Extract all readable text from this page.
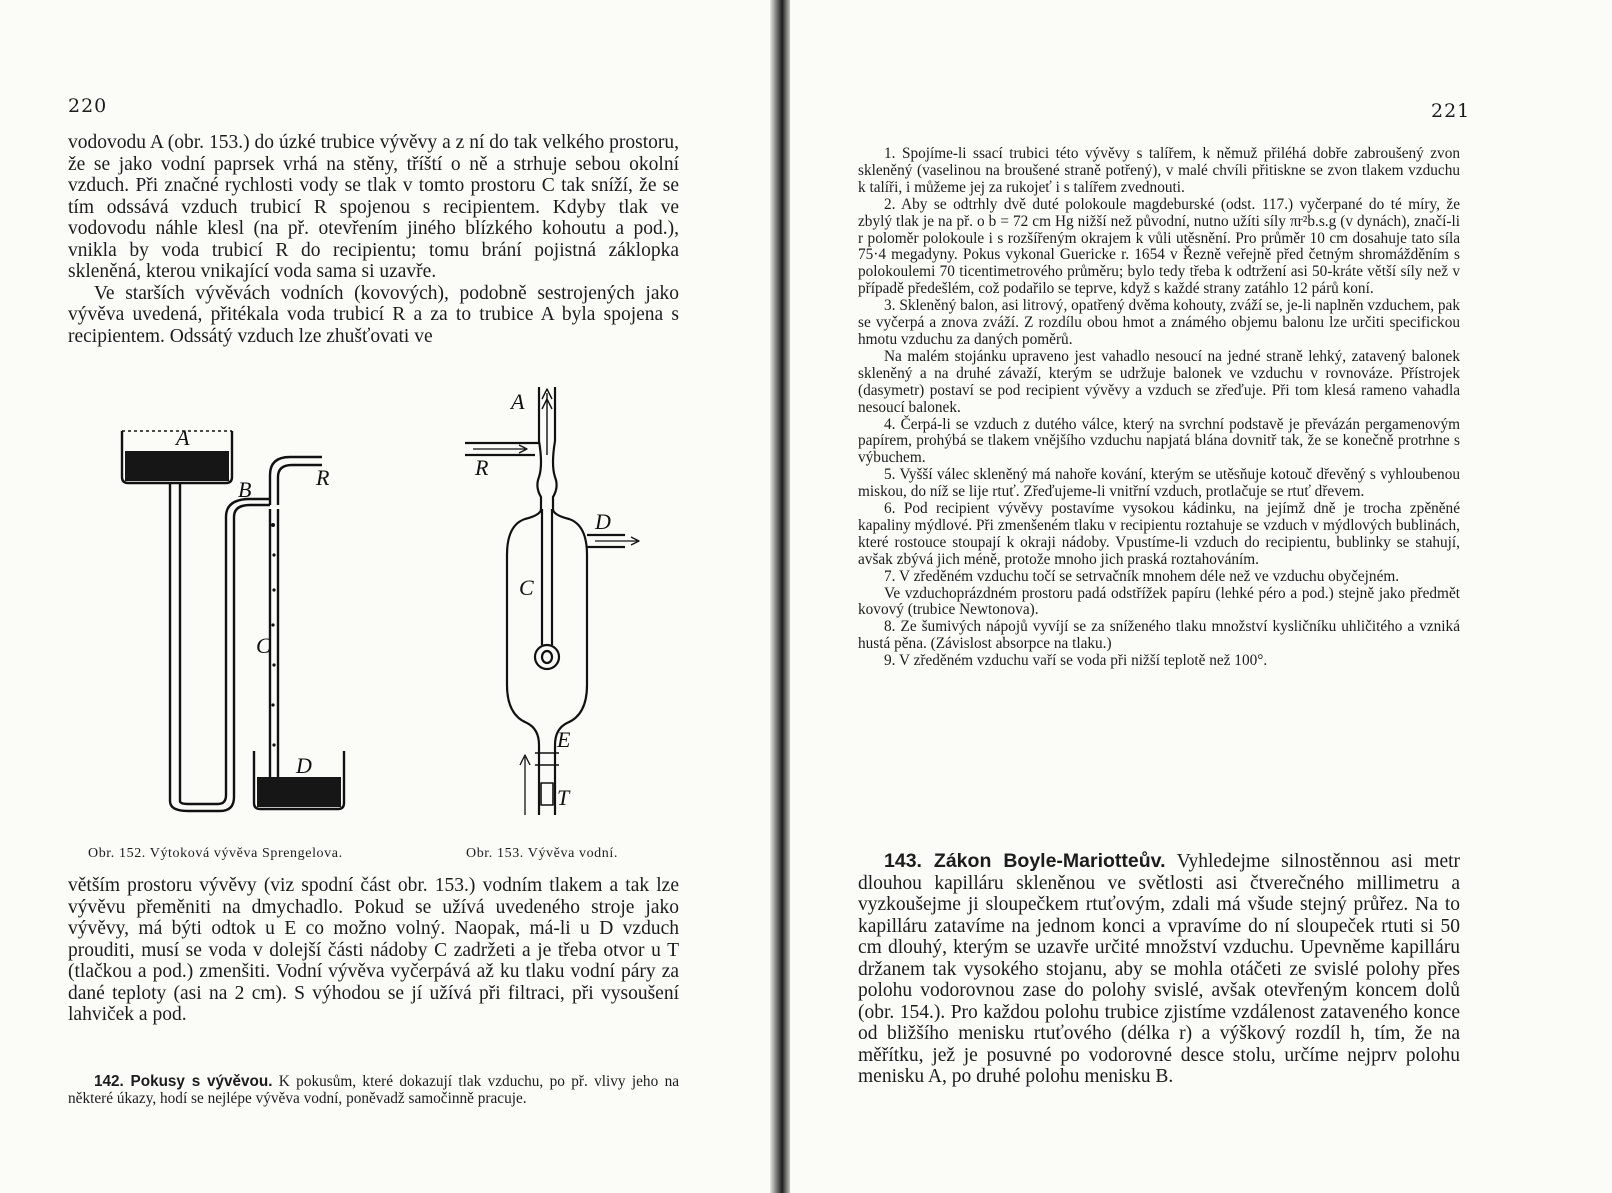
220

vodovodu A (obr. 153.) do úzké trubice vývěvy a z ní do tak velkého prostoru, že se jako vodní paprsek vrhá na stěny, tříští o ně a strhuje sebou okolní vzduch. Při značné rychlosti vody se tlak v tomto prostoru C tak sníží, že se tím odssává vzduch trubicí R spojenou s recipientem. Kdyby tlak ve vodovodu náhle klesl (na př. otevřením jiného blízkého kohoutu a pod.), vnikla by voda trubicí R do recipientu; tomu brání pojistná záklopka skleněná, kterou vnikající voda sama si uzavře.

Ve starších vývěvách vodních (kovových), podobně sestrojených jako vývěva uvedená, přitékala voda trubicí R a za to trubice A byla spojena s recipientem. Odssátý vzduch lze zhušťovati ve

A
B	R
C
D
A
R
D
C
E
T
Obr. 152. Výtoková vývěva Sprengelova.	Obr. 153. Vývěva vodní.

větším prostoru vývěvy (viz spodní část obr. 153.) vodním tlakem a tak lze vývěvu přeměniti na dmychadlo. Pokud se užívá uvedeného stroje jako vývěvy, má býti odtok u E co možno volný. Naopak, má-li u D vzduch prouditi, musí se voda v dolejší části nádoby C zadržeti a je třeba otvor u T (tlačkou a pod.) zmenšiti. Vodní vývěva vyčerpává až ku tlaku vodní páry za dané teploty (asi na 2 cm). S výhodou se jí užívá při filtraci, při vysoušení lahviček a pod.

142. Pokusy s vývěvou. K pokusům, které dokazují tlak vzduchu, po př. vlivy jeho na některé úkazy, hodí se nejlépe vývěva vodní, poněvadž samočinně pracuje.

221

1. Spojíme-li ssací trubici této vývěvy s talířem, k němuž přiléhá dobře zabroušený zvon skleněný (vaselinou na broušené straně potřený), v malé chvíli přitiskne se zvon tlakem vzduchu k talíři, i můžeme jej za rukojeť i s talířem zvednouti.

2. Aby se odtrhly dvě duté polokoule magdeburské (odst. 117.) vyčerpané do té míry, že zbylý tlak je na př. o b = 72 cm Hg nižší než původní, nutno užíti síly πr²b.s.g (v dynách), značí-li r poloměr polokoule i s rozšířeným okrajem k vůli utěsnění. Pro průměr 10 cm dosahuje tato síla 75·4 megadyny. Pokus vykonal Guericke r. 1654 v Řezně veřejně před četným shromážděním s polokoulemi 70 ticentimetrového průměru; bylo tedy třeba k odtržení asi 50-kráte větší síly než v případě předešlém, což podařilo se teprve, když s každé strany zatáhlo 12 párů koní.

3. Skleněný balon, asi litrový, opatřený dvěma kohouty, zváží se, je-li naplněn vzduchem, pak se vyčerpá a znova zváží. Z rozdílu obou hmot a známého objemu balonu lze určiti specifickou hmotu vzduchu za daných poměrů.

Na malém stojánku upraveno jest vahadlo nesoucí na jedné straně lehký, zatavený balonek skleněný a na druhé závaží, kterým se udržuje balonek ve vzduchu v rovnováze. Přístrojek (dasymetr) postaví se pod recipient vývěvy a vzduch se zřeďuje. Při tom klesá rameno vahadla nesoucí balonek.

4. Čerpá-li se vzduch z dutého válce, který na svrchní podstavě je převázán pergamenovým papírem, prohýbá se tlakem vnějšího vzduchu napjatá blána dovnitř tak, že se konečně protrhne s výbuchem.

5. Vyšší válec skleněný má nahoře kování, kterým se utěsňuje kotouč dřevěný s vyhloubenou miskou, do níž se lije rtuť. Zřeďujeme-li vnitřní vzduch, protlačuje se rtuť dřevem.

6. Pod recipient vývěvy postavíme vysokou kádinku, na jejímž dně je trocha zpěněné kapaliny mýdlové. Při zmenšeném tlaku v recipientu roztahuje se vzduch v mýdlových bublinách, které rostouce stoupají k okraji nádoby. Vpustíme-li vzduch do recipientu, bublinky se stahují, avšak zbývá jich méně, protože mnoho jich praská roztahováním.

7. V zředěném vzduchu točí se setrvačník mnohem déle než ve vzduchu obyčejném.

Ve vzduchoprázdném prostoru padá odstřížek papíru (lehké péro a pod.) stejně jako předmět kovový (trubice Newtonova).

8. Ze šumivých nápojů vyvíjí se za sníženého tlaku množství kysličníku uhličitého a vzniká hustá pěna. (Závislost absorpce na tlaku.)

9. V zředěném vzduchu vaří se voda při nižší teplotě než 100°.

143. Zákon Boyle-Mariotteův. Vyhledejme silnostěnnou asi metr dlouhou kapilláru skleněnou ve světlosti asi čtverečného millimetru a vyzkoušejme ji sloupečkem rtuťovým, zdali má všude stejný průřez. Na to kapilláru zatavíme na jednom konci a vpravíme do ní sloupeček rtuti si 50 cm dlouhý, kterým se uzavře určité množství vzduchu. Upevněme kapilláru držanem tak vysokého stojanu, aby se mohla otáčeti ze svislé polohy přes polohu vodorovnou zase do polohy svislé, avšak otevřeným koncem dolů (obr. 154.). Pro každou polohu trubice zjistíme vzdálenost zataveného konce od bližšího menisku rtuťového (délka r) a výškový rozdíl h, tím, že na měřítku, jež je posuvné po vodorovné desce stolu, určíme nejprv polohu menisku A, po druhé polohu menisku B.
